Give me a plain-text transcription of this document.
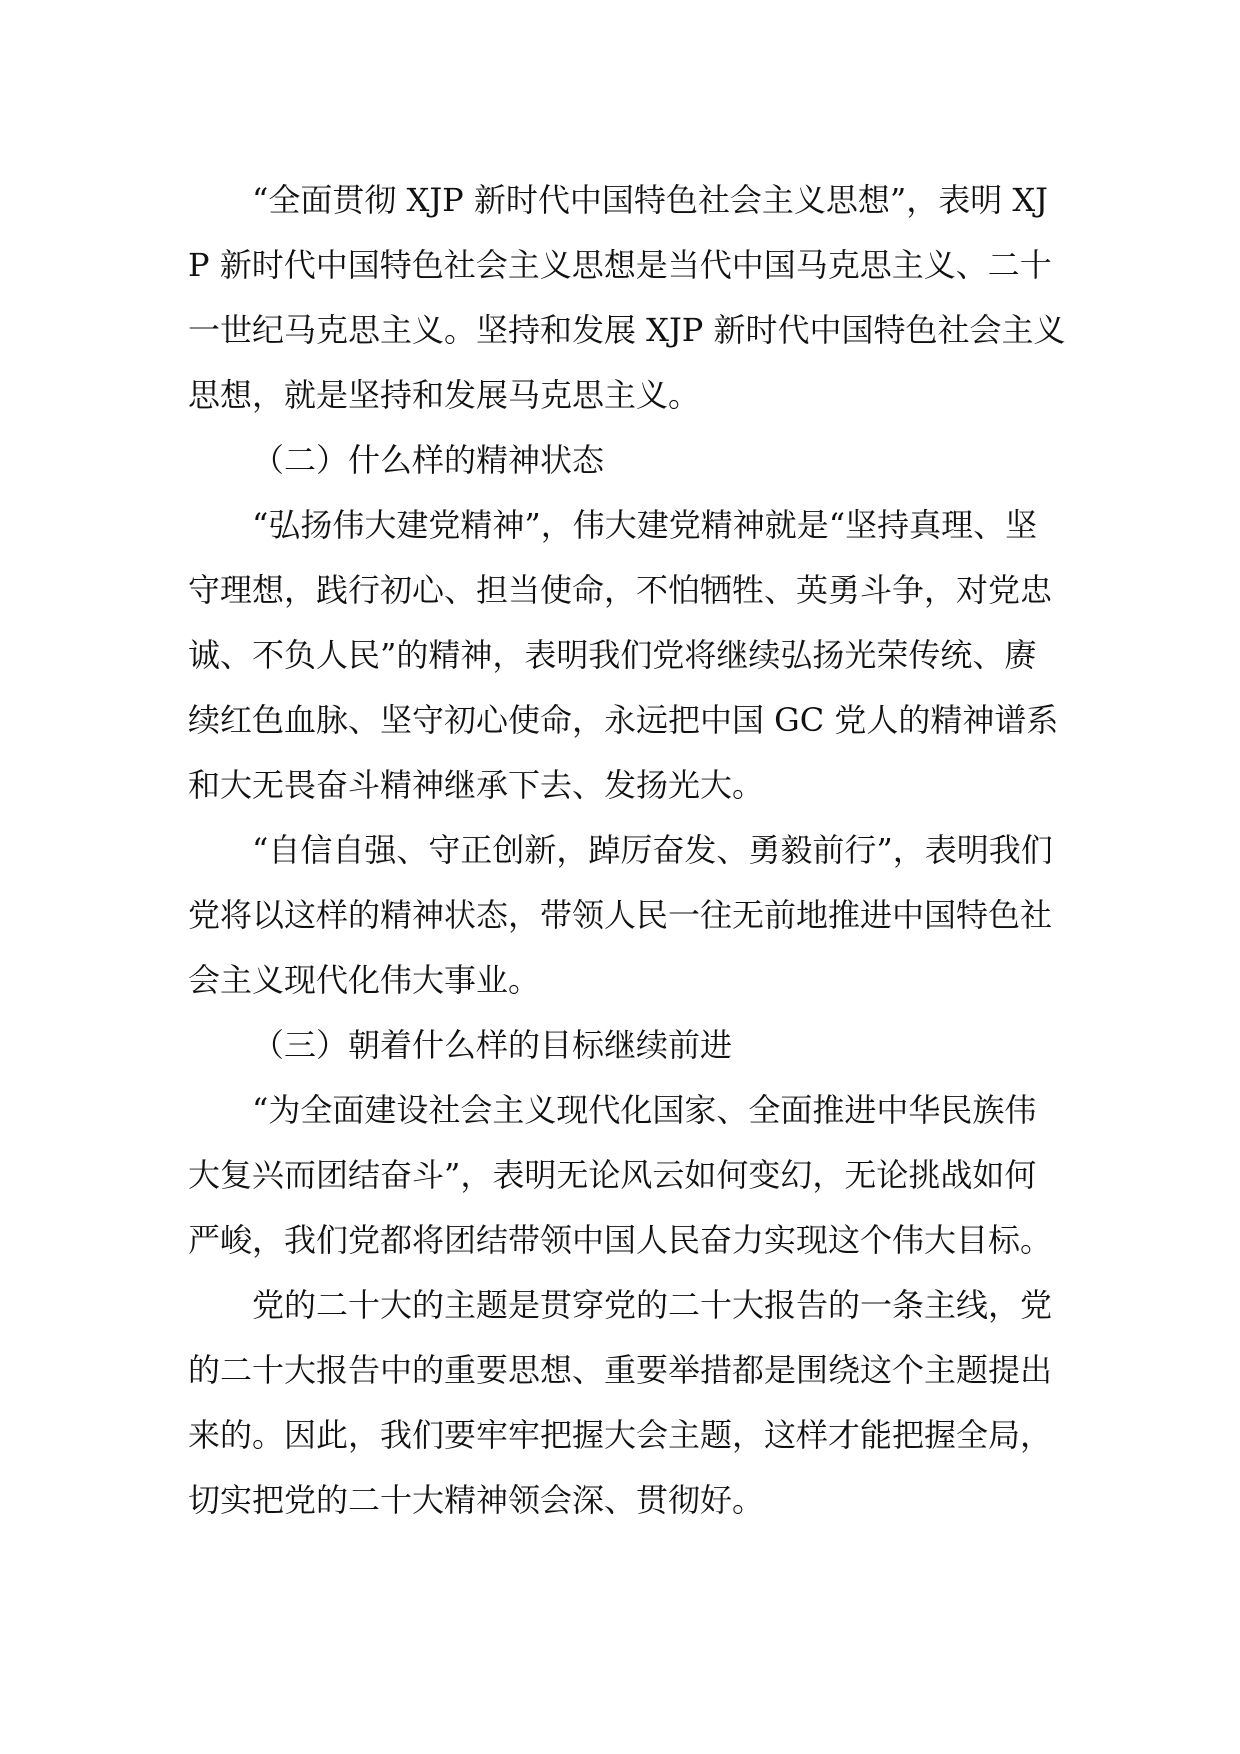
“全面贯彻 XJP 新时代中国特色社会主义思想”，表明 XJP 新时代中国特色社会主义思想是当代中国马克思主义、二十一世纪马克思主义。坚持和发展 XJP 新时代中国特色社会主义思想，就是坚持和发展马克思主义。

（二）什么样的精神状态

“弘扬伟大建党精神”，伟大建党精神就是“坚持真理、坚守理想，践行初心、担当使命，不怕牺牲、英勇斗争，对党忠诚、不负人民”的精神，表明我们党将继续弘扬光荣传统、赓续红色血脉、坚守初心使命，永远把中国 GC 党人的精神谱系和大无畏奋斗精神继承下去、发扬光大。

“自信自强、守正创新，踔厉奋发、勇毅前行”，表明我们党将以这样的精神状态，带领人民一往无前地推进中国特色社会主义现代化伟大事业。

（三）朝着什么样的目标继续前进

“为全面建设社会主义现代化国家、全面推进中华民族伟大复兴而团结奋斗”，表明无论风云如何变幻，无论挑战如何严峻，我们党都将团结带领中国人民奋力实现这个伟大目标。

党的二十大的主题是贯穿党的二十大报告的一条主线，党的二十大报告中的重要思想、重要举措都是围绕这个主题提出来的。因此，我们要牢牢把握大会主题，这样才能把握全局，切实把党的二十大精神领会深、贯彻好。
